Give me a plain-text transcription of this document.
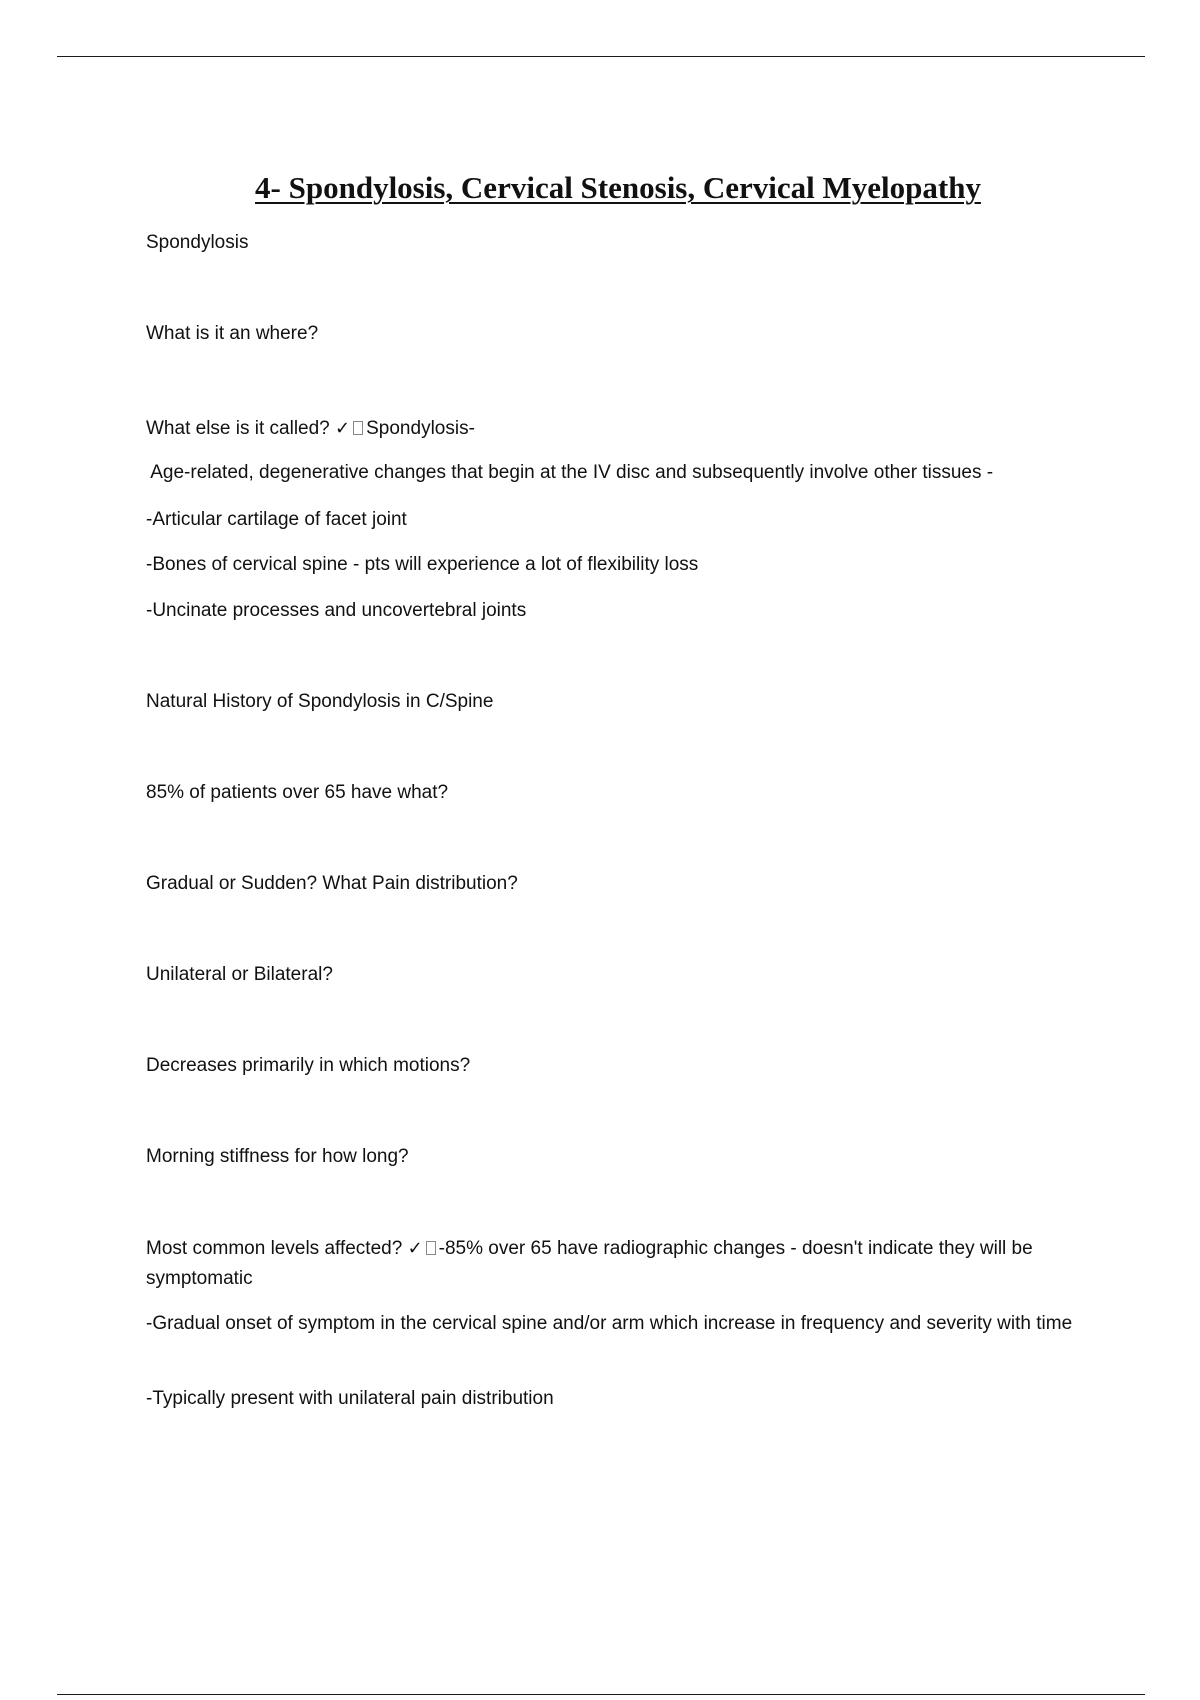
4- Spondylosis, Cervical Stenosis, Cervical Myelopathy

Spondylosis

What is it an where?

What else is it called? ✓ Spondylosis-

Age-related, degenerative changes that begin at the IV disc and subsequently involve other tissues -

-Articular cartilage of facet joint

-Bones of cervical spine - pts will experience a lot of flexibility loss

-Uncinate processes and uncovertebral joints

Natural History of Spondylosis in C/Spine

85% of patients over 65 have what?

Gradual or Sudden? What Pain distribution?

Unilateral or Bilateral?

Decreases primarily in which motions?

Morning stiffness for how long?

Most common levels affected? ✓ -85% over 65 have radiographic changes - doesn't indicate they will be symptomatic

-Gradual onset of symptom in the cervical spine and/or arm which increase in frequency and severity with time

-Typically present with unilateral pain distribution
